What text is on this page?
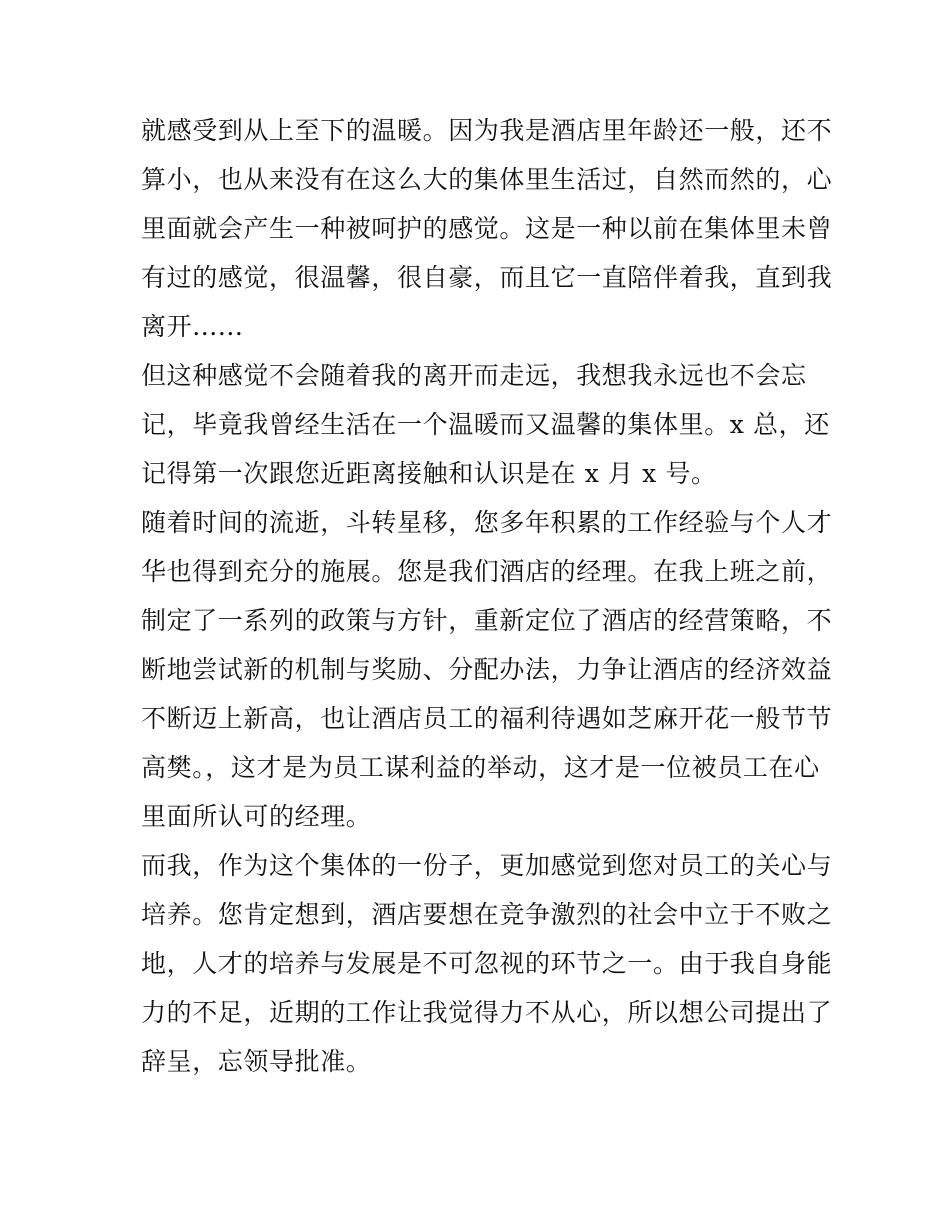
就感受到从上至下的温暖。因为我是酒店里年龄还一般，还不
算小，也从来没有在这么大的集体里生活过，自然而然的，心
里面就会产生一种被呵护的感觉。这是一种以前在集体里未曾
有过的感觉，很温馨，很自豪，而且它一直陪伴着我，直到我
离开......
但这种感觉不会随着我的离开而走远，我想我永远也不会忘
记，毕竟我曾经生活在一个温暖而又温馨的集体里。x 总，还
记得第一次跟您近距离接触和认识是在 x 月 x 号。
随着时间的流逝，斗转星移，您多年积累的工作经验与个人才
华也得到充分的施展。您是我们酒店的经理。在我上班之前，
制定了一系列的政策与方针，重新定位了酒店的经营策略，不
断地尝试新的机制与奖励、分配办法，力争让酒店的经济效益
不断迈上新高，也让酒店员工的福利待遇如芝麻开花一般节节
高樊。，这才是为员工谋利益的举动，这才是一位被员工在心
里面所认可的经理。
而我，作为这个集体的一份子，更加感觉到您对员工的关心与
培养。您肯定想到，酒店要想在竞争激烈的社会中立于不败之
地，人才的培养与发展是不可忽视的环节之一。由于我自身能
力的不足，近期的工作让我觉得力不从心，所以想公司提出了
辞呈，忘领导批准。
